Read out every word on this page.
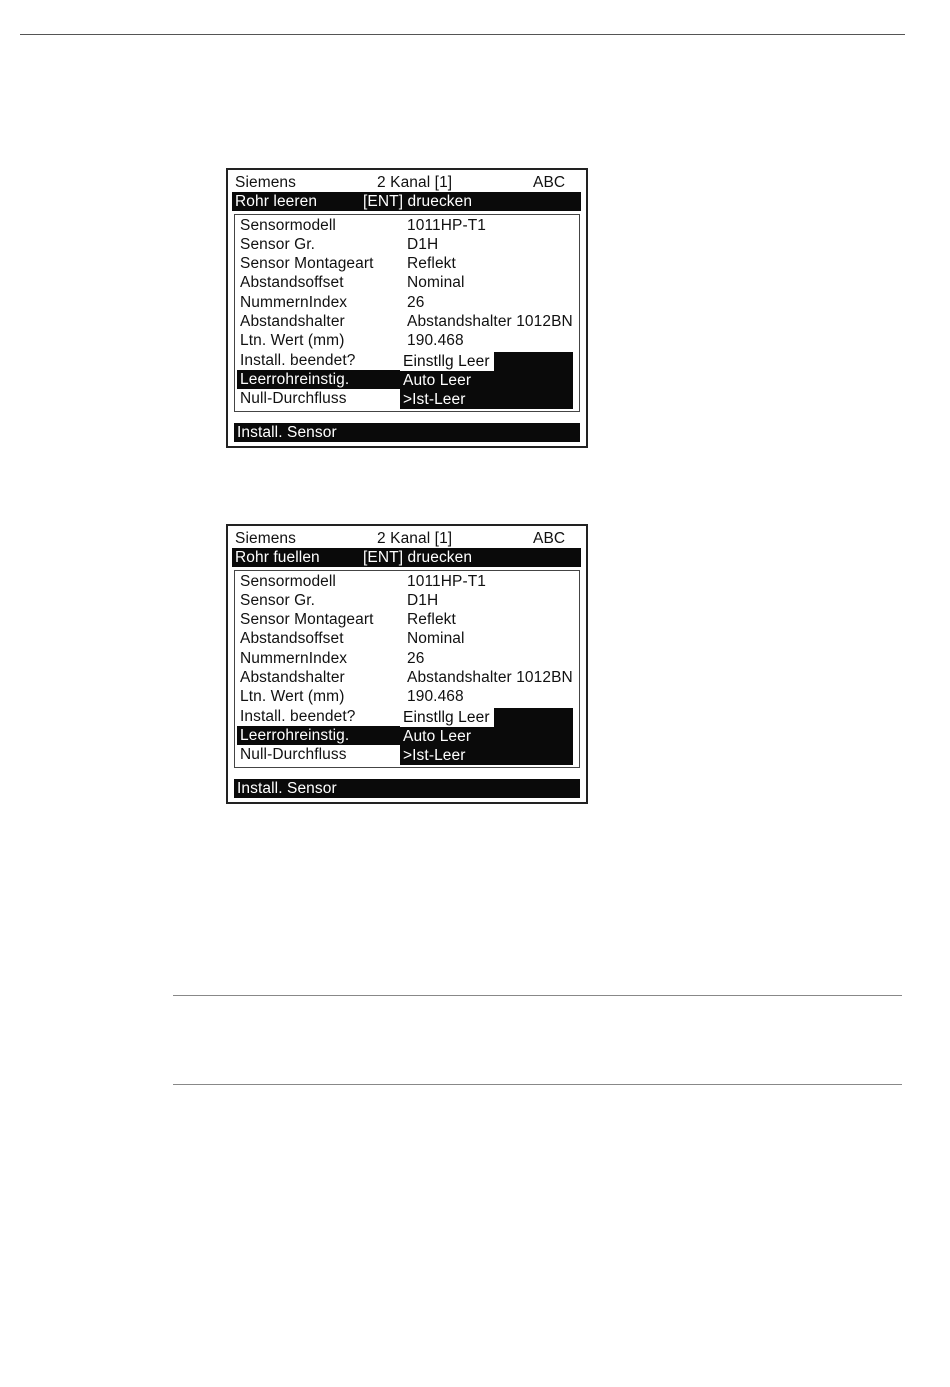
Siemens	2 Kanal [1]	ABC
Rohr leeren	[ENT] druecken
Sensormodell	1011HP-T1
Sensor Gr.	D1H
Sensor Montageart	Reflekt
Abstandsoffset	Nominal
NummernIndex	26
Abstandshalter	Abstandshalter 1012BN
Ltn. Wert (mm)	190.468
Install. beendet?
Leerrohreinstig.
Null-Durchfluss
Einstllg Leer
Auto Leer
>Ist-Leer
Install. Sensor
Siemens	2 Kanal [1]	ABC
Rohr fuellen	[ENT] druecken
Sensormodell	1011HP-T1
Sensor Gr.	D1H
Sensor Montageart	Reflekt
Abstandsoffset	Nominal
NummernIndex	26
Abstandshalter	Abstandshalter 1012BN
Ltn. Wert (mm)	190.468
Install. beendet?
Leerrohreinstig.
Null-Durchfluss
Einstllg Leer
Auto Leer
>Ist-Leer
Install. Sensor
